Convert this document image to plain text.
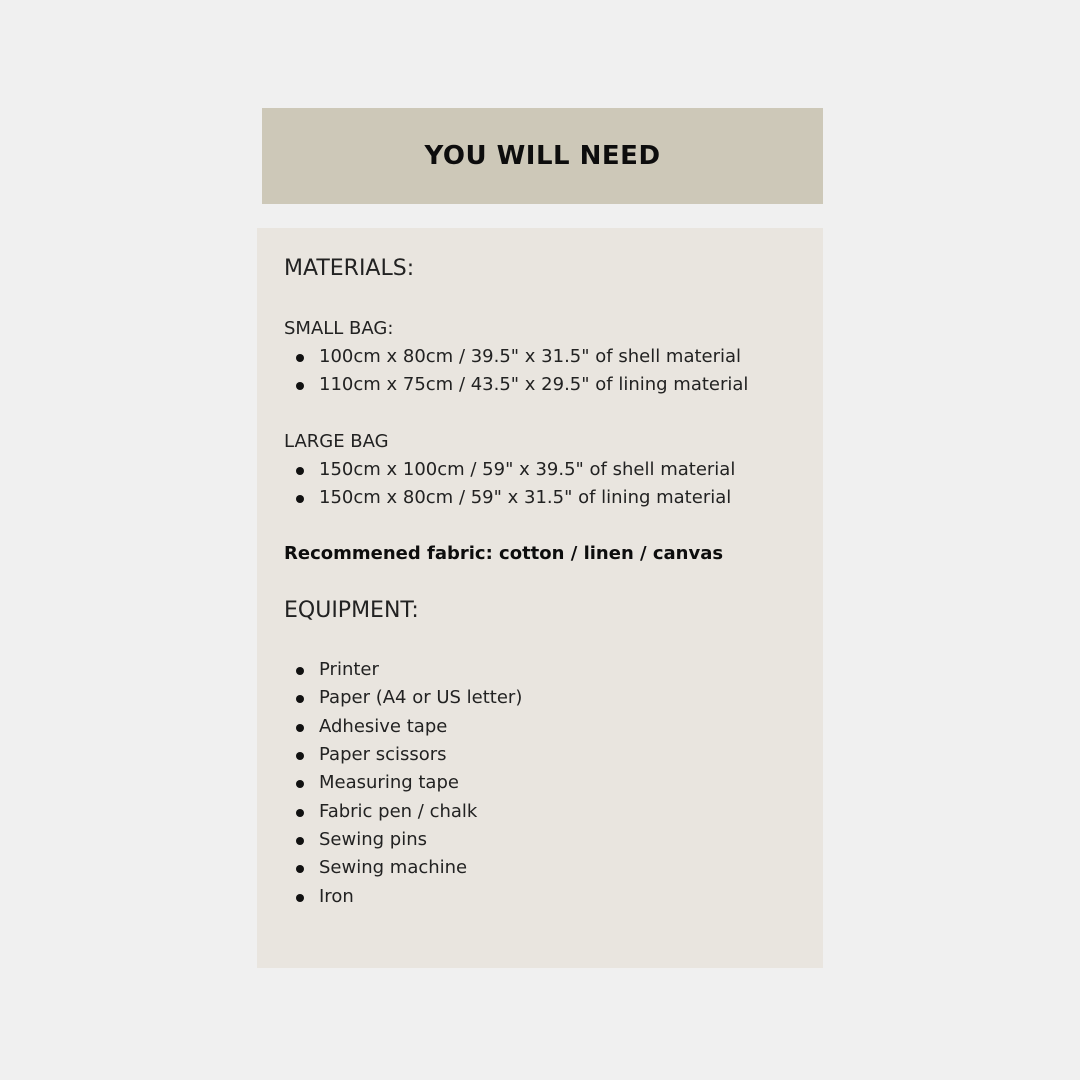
YOU WILL NEED
MATERIALS:

SMALL BAG:

100cm x 80cm / 39.5" x 31.5" of shell material
110cm x 75cm / 43.5" x 29.5" of lining material

LARGE BAG

150cm x 100cm / 59" x 39.5" of shell material
150cm x 80cm / 59" x 31.5" of lining material

Recommened fabric: cotton / linen / canvas

EQUIPMENT:
Printer
Paper (A4 or US letter)
Adhesive tape
Paper scissors
Measuring tape
Fabric pen / chalk
Sewing pins
Sewing machine
Iron
